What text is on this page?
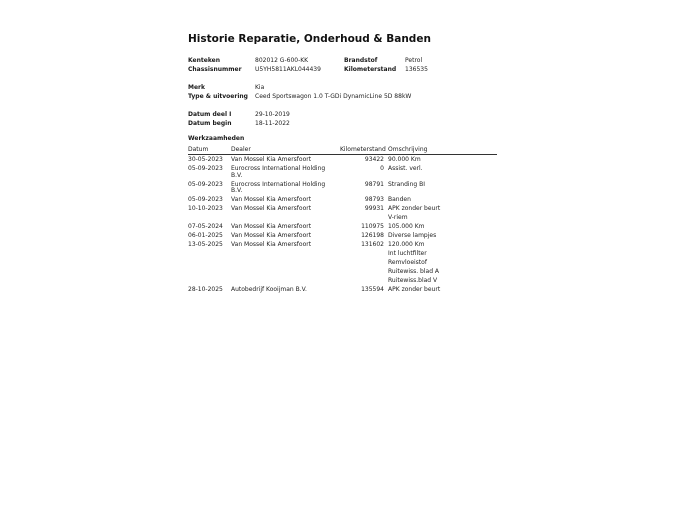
Historie Reparatie, Onderhoud & Banden
Kenteken	802012 G-600-KK	Brandstof	Petrol
Chassisnummer U5YH5811AKL044439	Kilometerstand 136535
Merk	Kia
Type & uitvoering Ceed Sportswagon 1.0 T-GDi DynamicLine 5D 88kW
Datum deel I	29-10-2019
Datum begin	18-11-2022
Werkzaamheden
Datum	Dealer	Kilometerstand Omschrijving
30-05-2023 Van Mossel Kia Amersfoort	93422 90.000 Km
05-09-2023 Eurocross International Holding
B.V.
0 Assist. verl.
05-09-2023 Eurocross International Holding
B.V.
98791 Stranding BI
05-09-2023 Van Mossel Kia Amersfoort	98793 Banden
10-10-2023 Van Mossel Kia Amersfoort	99931 APK zonder beurt
V-riem
07-05-2024 Van Mossel Kia Amersfoort	110975 105.000 Km
06-01-2025 Van Mossel Kia Amersfoort	126198 Diverse lampjes
13-05-2025 Van Mossel Kia Amersfoort	131602 120.000 Km
Int luchtfilter
Remvloeistof
Ruitewiss. blad A
Ruitewiss.blad V
28-10-2025 Autobedrijf Kooijman B.V.	135594 APK zonder beurt
